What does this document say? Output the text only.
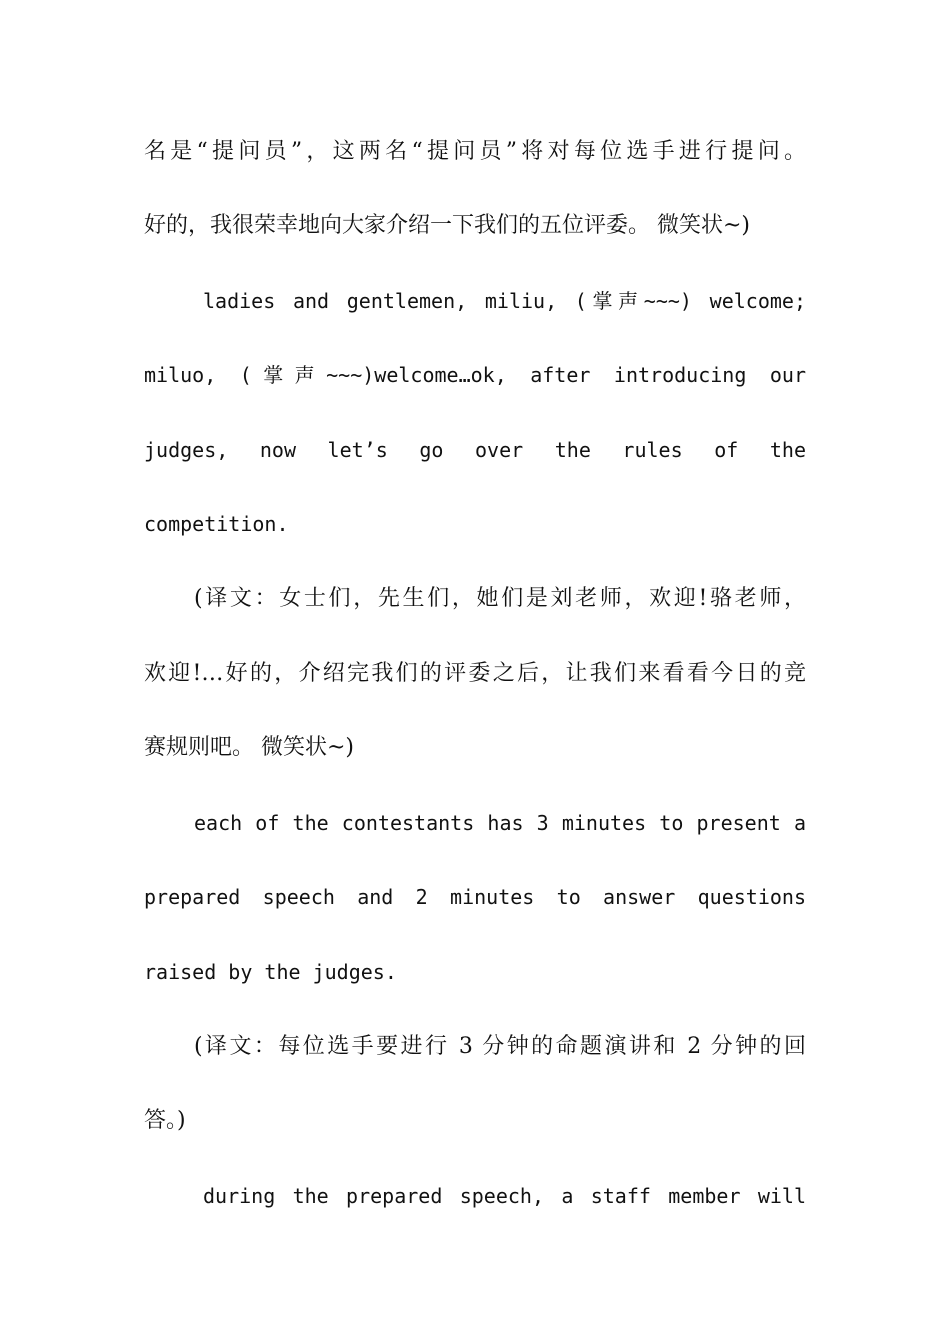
名是“提问员”，这两名“提问员”将对每位选手进行提问。
好的，我很荣幸地向大家介绍一下我们的五位评委。 微笑状~)
ladies and gentlemen, miliu, (掌声~~~) welcome;
miluo, (掌声~~~)welcome…ok, after introducing our
judges, now let’s go over the rules of the
competition.
(译文：女士们，先生们，她们是刘老师，欢迎!骆老师，
欢迎!…好的，介绍完我们的评委之后，让我们来看看今日的竞
赛规则吧。 微笑状~)
each of the contestants has 3 minutes to present a
prepared speech and 2 minutes to answer questions
raised by the judges.
(译文：每位选手要进行 3 分钟的命题演讲和 2 分钟的回
答。)
during the prepared speech, a staff member will
